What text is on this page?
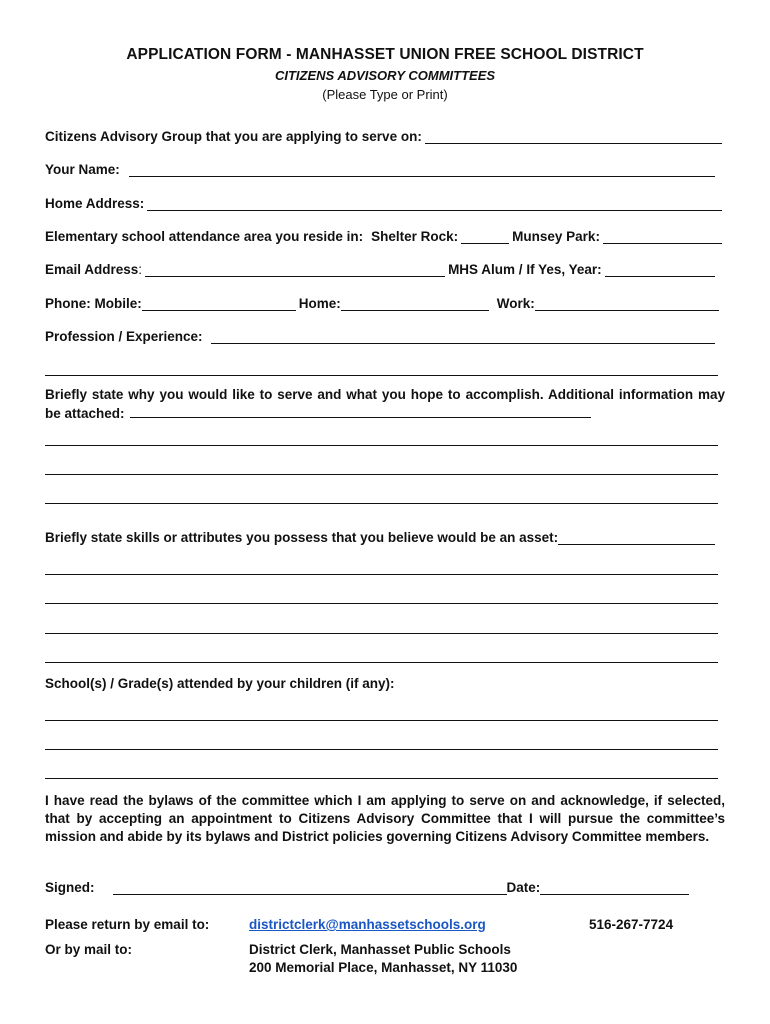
APPLICATION FORM - MANHASSET UNION FREE SCHOOL DISTRICT
CITIZENS ADVISORY COMMITTEES
(Please Type or Print)
Citizens Advisory Group that you are applying to serve on:
Your Name:
Home Address:
Elementary school attendance area you reside in: Shelter Rock:	Munsey Park:
Email Address :	MHS Alum / If Yes, Year:
Phone: Mobile:	Home:	Work:
Profession / Experience:
Briefly state why you would like to serve and what you hope to accomplish. Additional information may be attached:
Briefly state skills or attributes you possess that you believe would be an asset:
School(s) / Grade(s) attended by your children (if any):
I have read the bylaws of the committee which I am applying to serve on and acknowledge, if selected, that by accepting an appointment to Citizens Advisory Committee that I will pursue the committee’s mission and abide by its bylaws and District policies governing Citizens Advisory Committee members.
Signed:	Date:
Please return by email to:	districtclerk@manhassetschools.org	516-267-7724
Or by mail to:	District Clerk, Manhasset Public Schools
200 Memorial Place, Manhasset, NY 11030
